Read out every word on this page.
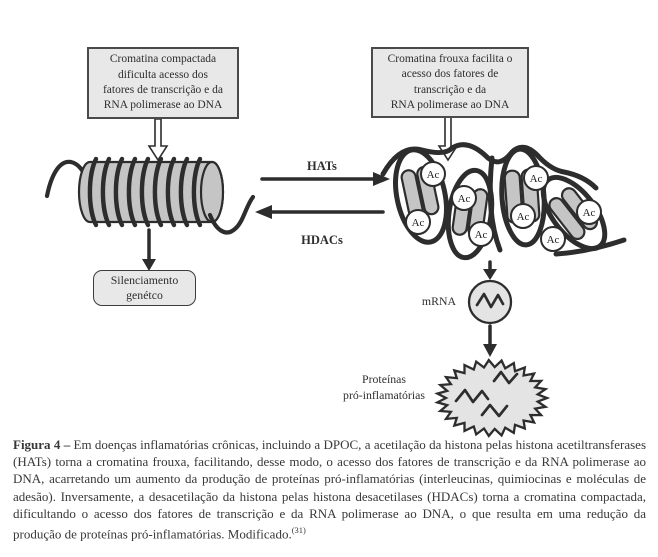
HATs
HDACs
Ac
Ac
Ac
Ac
Ac
Ac
Ac
Ac
Cromatina compactada
dificulta acesso dos
fatores de transcrição e da
RNA polimerase ao DNA
Cromatina frouxa facilita o
acesso dos fatores de
transcrição e da
RNA polimerase ao DNA
Silenciamento
genétco	mRNA
Proteínas
pró-inflamatórias

Figura 4 – Em doenças inflamatórias crônicas, incluindo a DPOC, a acetilação da histona pelas histona acetiltransferases (HATs) torna a cromatina frouxa, facilitando, desse modo, o acesso dos fatores de transcrição e da RNA polimerase ao DNA, acarretando um aumento da produção de proteínas pró-inflamatórias (interleucinas, quimiocinas e moléculas de adesão). Inversamente, a desacetilação da histona pelas histona desacetilases (HDACs) torna a cromatina compactada, dificultando o acesso dos fatores de transcrição e da RNA polimerase ao DNA, o que resulta em uma redução da produção de proteínas pró-inflamatórias. Modificado.$^{(31)}$
